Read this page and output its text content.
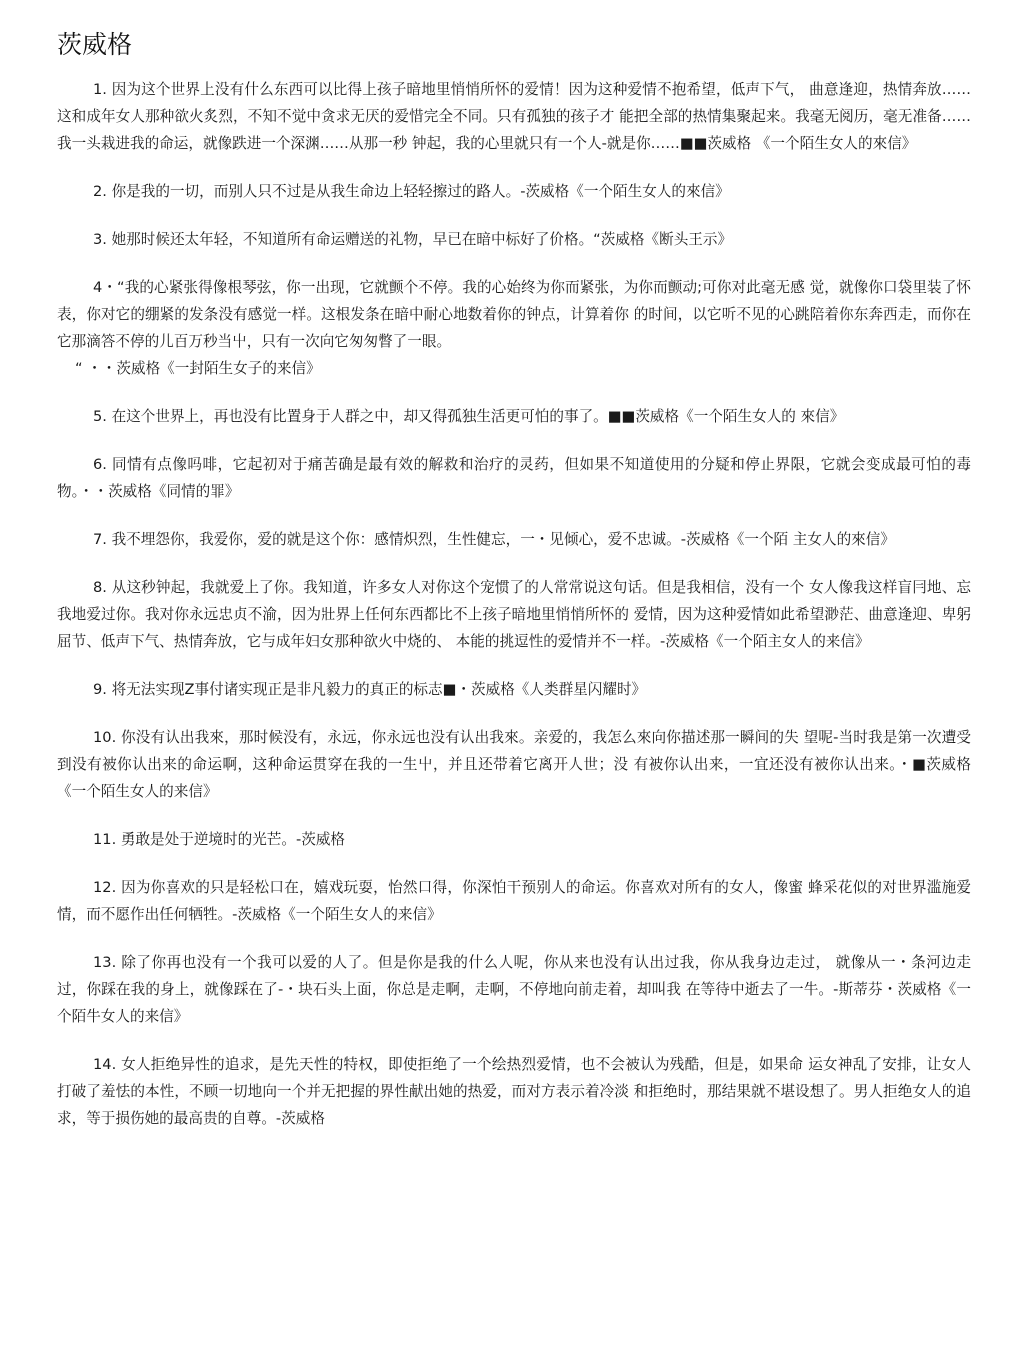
茨威格

1. 因为这个世界上没有什么东西可以比得上孩子暗地里悄悄所怀的爱情！因为这种爱情不抱希望，低声下气， 曲意逢迎，热情奔放……这和成年女人那种欲火炙烈，不知不觉中贪求无厌的爱惜完全不同。只有孤独的孩子才 能把全部的热情集聚起来。我毫无阅历，毫无准备……我一头栽进我的命运，就像跌进一个深渊……从那一秒 钟起，我的心里就只有一个人-就是你……■■茨威格 《一个陌生女人的來信》

2. 你是我的一切，而别人只不过是从我生命边上轻轻擦过的路人。-茨威格《一个陌生女人的來信》

3. 她那时候还太年轻，不知道所有命运赠送的礼物，早已在暗中标好了价格。“茨威格《断头王示》

4・“我的心紧张得像根琴弦，你一出现，它就颤个不停。我的心始终为你而紧张，为你而颤动;可你对此毫无感 觉，就像你口袋里装了怀表，你对它的绷紧的发条没有感觉一样。这根发条在暗中耐心地数着你的钟点，计算着你 的时间，以它听不见的心跳陪着你东奔西走，而你在它那滴答不停的儿百万秒当屮，只有一次向它匆匆瞥了一眼。

“ ・・茨威格《一封陌生女子的来信》

5. 在这个世界上，再也没有比置身于人群之中，却又得孤独生活更可怕的事了。■■茨威格《一个陌生女人的 來信》

6. 同情有点像吗啡，它起初对于痛苦确是最有效的解救和治疗的灵药，但如果不知道使用的分疑和停止界限，它就会变成最可怕的毒物。・・茨威格《同情的罪》

7. 我不埋怨你，我爱你，爱的就是这个你：感情炽烈，生性健忘，一・见倾心，爱不忠诚。-茨威格《一个陌 主女人的來信》

8. 从这秒钟起，我就爱上了你。我知道，许多女人对你这个宠惯了的人常常说这句话。但是我相信，没有一个 女人像我这样盲冃地、忘我地爱过你。我对你永远忠贞不渝，因为壯界上任何东西都比不上孩子暗地里悄悄所怀的 爱情，因为这种爱情如此希望渺茫、曲意逢迎、卑躬屈节、低声下气、热情奔放，它与成年妇女那种欲火中烧的、 本能的挑逗性的爱情并不一样。-茨威格《一个陌主女人的来信》

9. 将无法实现Z事付诸实现正是非凡毅力的真正的标志■・茨威格《人类群星闪耀时》

10. 你没有认出我來，那时候没有，永远，你永远也没有认出我來。亲爱的，我怎么來向你描述那一瞬间的失 望呢-当时我是第一次遭受到没有被你认出来的命运啊，这种命运贯穿在我的一生屮，并且还带着它离开人世；没 有被你认出来，一宜还没有被你认出来。・■茨威格《一个陌生女人的来信》

11. 勇敢是处于逆境时的光芒。-茨威格

12. 因为你喜欢的只是轻松口在，嬉戏玩耍，怡然口得，你深怕干预别人的命运。你喜欢对所有的女人，像蜜 蜂采花似的对世界滥施爱情，而不愿作出任何牺牲。-茨威格《一个陌生女人的来信》

13. 除了你再也没有一个我可以爱的人了。但是你是我的什么人呢，你从来也没有认出过我，你从我身边走过， 就像从一・条河边走过，你踩在我的身上，就像踩在了-・块石头上面，你总是走啊，走啊，不停地向前走着，却叫我 在等待中逝去了一牛。-斯蒂芬・茨威格《一个陌牛女人的来信》

14. 女人拒绝异性的追求，是先天性的特权，即使拒绝了一个绘热烈爱情，也不会被认为残酷，但是，如果命 运女神乱了安排，让女人打破了羞怯的本性，不顾一切地向一个并无把握的界性献出她的热爱，而对方表示着冷淡 和拒绝时，那结果就不堪设想了。男人拒绝女人的追求，等于损伤她的最高贵的自尊。-茨威格
